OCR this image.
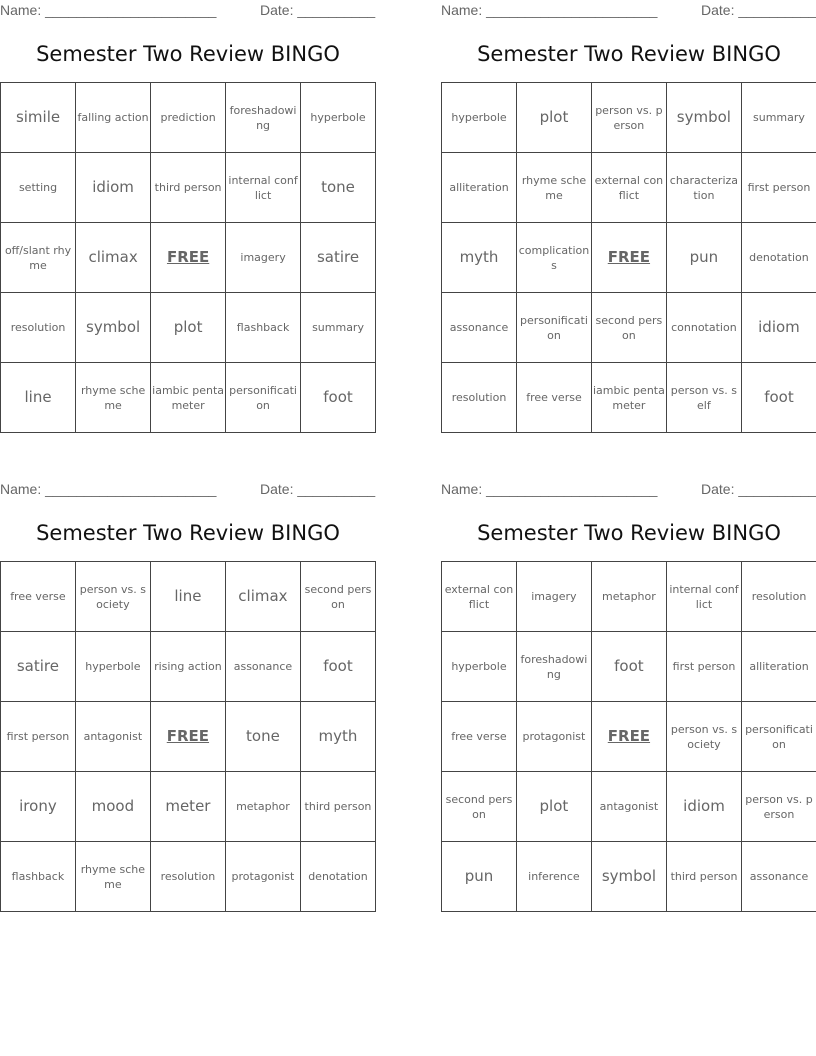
Name: ______________________	Date: __________
Semester Two Review BINGO
simile	falling action	prediction	foreshadowing	hyperbole
setting	idiom	third person	internal conflict	tone
off/slant rhyme	climax	FREE	imagery	satire
resolution	symbol	plot	flashback	summary
line	rhyme scheme	iambic pentameter	personification	foot
Name: ______________________	Date: __________
Semester Two Review BINGO
hyperbole	plot	person vs. person	symbol	summary
alliteration	rhyme scheme	external conflict	characterization	first person
myth	complications	FREE	pun	denotation
assonance	personification	second person	connotation	idiom
resolution	free verse	iambic pentameter	person vs. self	foot
Name: ______________________	Date: __________
Semester Two Review BINGO
free verse	person vs. society	line	climax	second person
satire	hyperbole	rising action	assonance	foot
first person	antagonist	FREE	tone	myth
irony	mood	meter	metaphor	third person
flashback	rhyme scheme	resolution	protagonist	denotation
Name: ______________________	Date: __________
Semester Two Review BINGO
external conflict	imagery	metaphor	internal conflict	resolution
hyperbole	foreshadowing	foot	first person	alliteration
free verse	protagonist	FREE	person vs. society	personification
second person	plot	antagonist	idiom	person vs. person
pun	inference	symbol	third person	assonance
